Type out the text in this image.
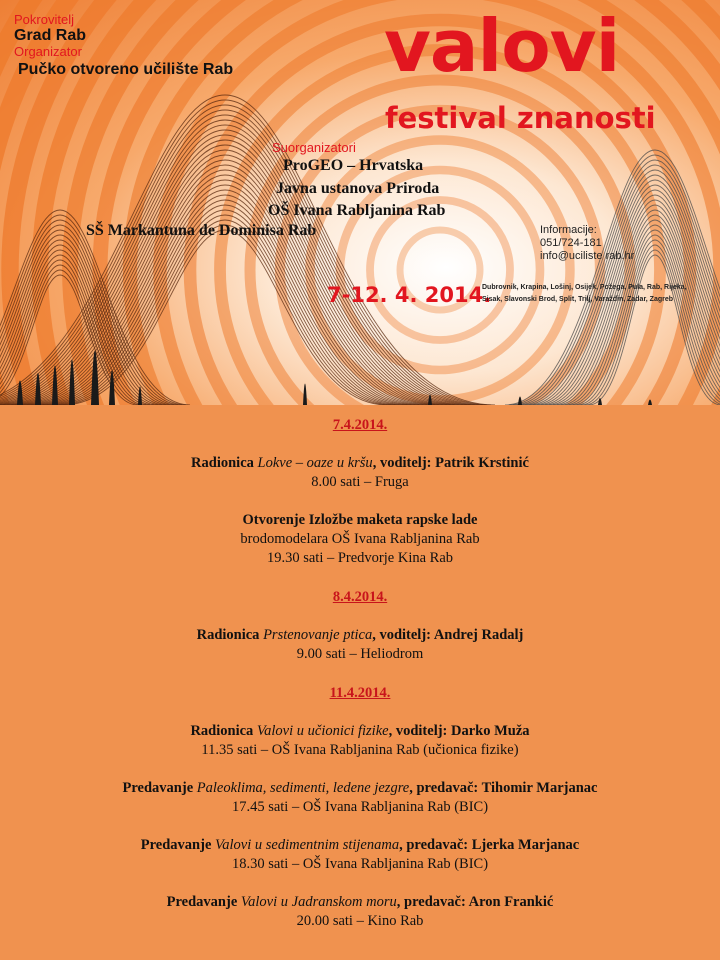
Pokrovitelj
Grad Rab
Organizator
Pučko otvoreno učilište Rab
Suorganizatori
ProGEO – Hrvatska
Javna ustanova Priroda
OŠ Ivana Rabljanina Rab
SŠ Markantuna de Dominisa Rab
valovi
festival znanosti
Informacije:
051/724-181
info@uciliste rab.hr
7-12. 4. 2014.
Dubrovnik, Krapina, Lošinj, Osijek, Požega, Pula, Rab, Rijeka,
Sisak, Slavonski Brod, Split, Trilj, Varaždin, Zadar, Zagreb
7.4.2014.
Radionica Lokve – oaze u kršu, voditelj: Patrik Krstinić
8.00 sati – Fruga
Otvorenje Izložbe maketa rapske lade
brodomodelara OŠ Ivana Rabljanina Rab
19.30 sati – Predvorje Kina Rab
8.4.2014.
Radionica Prstenovanje ptica, voditelj: Andrej Radalj
9.00 sati – Heliodrom
11.4.2014.
Radionica Valovi u učionici fizike, voditelj: Darko Muža
11.35 sati – OŠ Ivana Rabljanina Rab (učionica fizike)
Predavanje Paleoklima, sedimenti, ledene jezgre, predavač: Tihomir Marjanac
17.45 sati – OŠ Ivana Rabljanina Rab (BIC)
Predavanje Valovi u sedimentnim stijenama, predavač: Ljerka Marjanac
18.30 sati – OŠ Ivana Rabljanina Rab (BIC)
Predavanje Valovi u Jadranskom moru, predavač: Aron Frankić
20.00 sati – Kino Rab
